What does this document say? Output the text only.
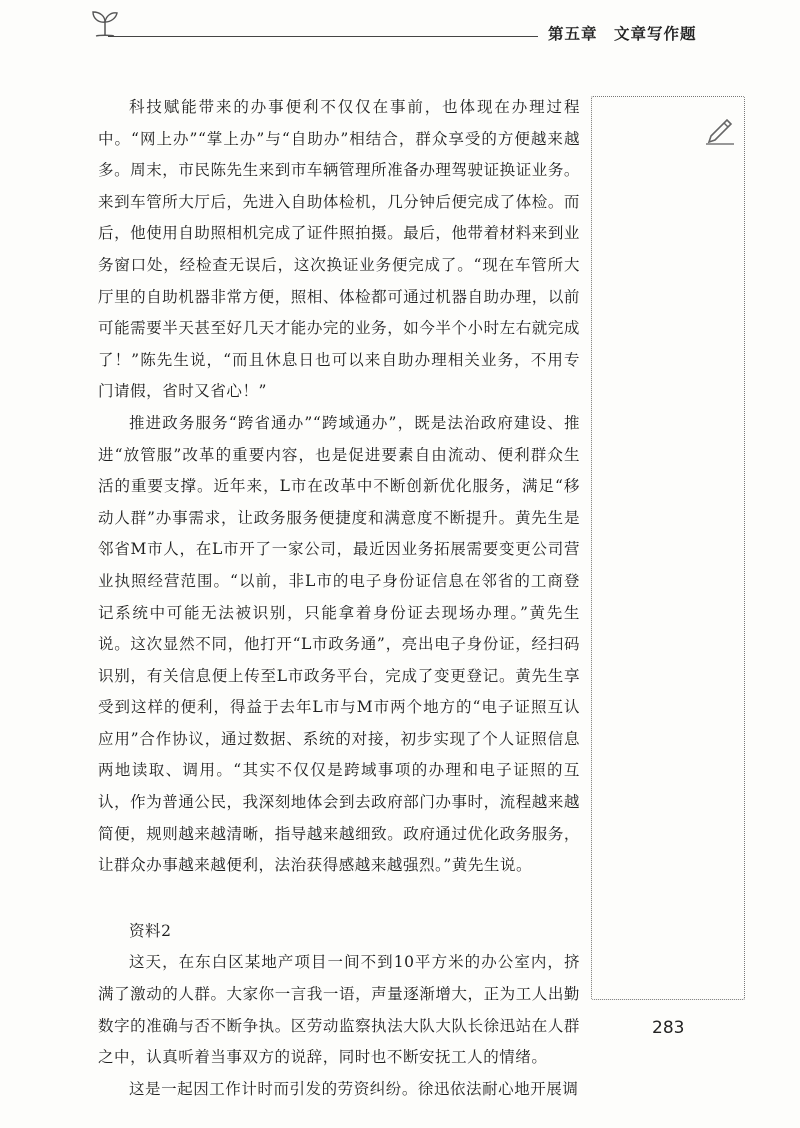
第五章　文章写作题

科技赋能带来的办事便利不仅仅在事前，也体现在办理过程中。“网上办”“掌上办”与“自助办”相结合，群众享受的方便越来越多。周末，市民陈先生来到市车辆管理所准备办理驾驶证换证业务。来到车管所大厅后，先进入自助体检机，几分钟后便完成了体检。而后，他使用自助照相机完成了证件照拍摄。最后，他带着材料来到业务窗口处，经检查无误后，这次换证业务便完成了。“现在车管所大厅里的自助机器非常方便，照相、体检都可通过机器自助办理，以前可能需要半天甚至好几天才能办完的业务，如今半个小时左右就完成了！”陈先生说，“而且休息日也可以来自助办理相关业务，不用专门请假，省时又省心！”

推进政务服务“跨省通办”“跨域通办”，既是法治政府建设、推进“放管服”改革的重要内容，也是促进要素自由流动、便利群众生活的重要支撑。近年来，L市在改革中不断创新优化服务，满足“移动人群”办事需求，让政务服务便捷度和满意度不断提升。黄先生是邻省M市人，在L市开了一家公司，最近因业务拓展需要变更公司营业执照经营范围。“以前，非L市的电子身份证信息在邻省的工商登记系统中可能无法被识别，只能拿着身份证去现场办理。”黄先生说。这次显然不同，他打开“L市政务通”，亮出电子身份证，经扫码识别，有关信息便上传至L市政务平台，完成了变更登记。黄先生享受到这样的便利，得益于去年L市与M市两个地方的“电子证照互认应用”合作协议，通过数据、系统的对接，初步实现了个人证照信息两地读取、调用。“其实不仅仅是跨域事项的办理和电子证照的互认，作为普通公民，我深刻地体会到去政府部门办事时，流程越来越简便，规则越来越清晰，指导越来越细致。政府通过优化政务服务，让群众办事越来越便利，法治获得感越来越强烈。”黄先生说。

资料2

这天，在东白区某地产项目一间不到10平方米的办公室内，挤满了激动的人群。大家你一言我一语，声量逐渐增大，正为工人出勤数字的准确与否不断争执。区劳动监察执法大队大队长徐迅站在人群之中，认真听着当事双方的说辞，同时也不断安抚工人的情绪。

这是一起因工作计时而引发的劳资纠纷。徐迅依法耐心地开展调

283
